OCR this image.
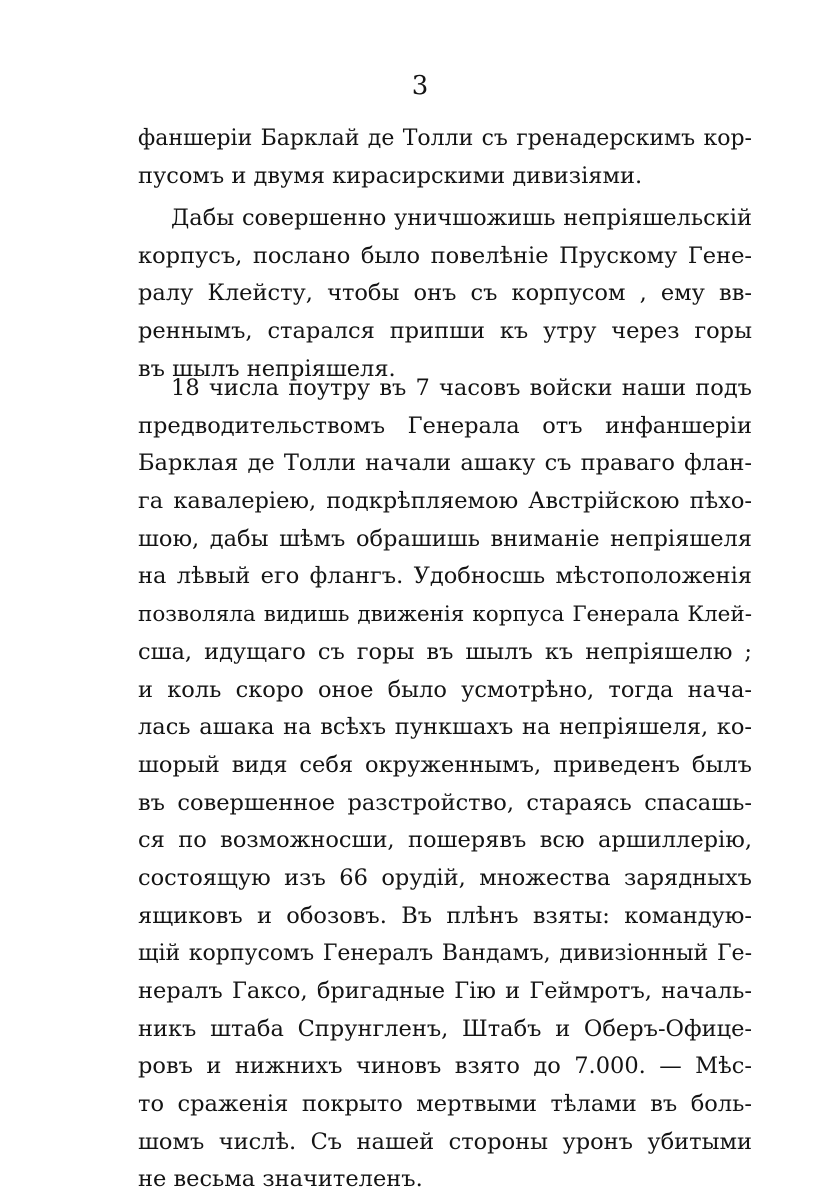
3
фаншеріи Барклай де Толли съ гренадерскимъ кор-
пусомъ и двумя кирасирскими дивизіями.
Дабы совершенно уничшожишь непріяшельскій
корпусъ, послано было повелѣніе Прускому Гене-
ралу Клейсту, чтобы онъ съ корпусом , ему вв-
реннымъ, старался припши къ утру через горы
въ шылъ непріяшеля.
18 числа поутру въ 7 часовъ войски наши подъ
предводительствомъ Генерала отъ инфаншеріи
Барклая де Толли начали ашаку съ праваго флан-
га кавалеріею, подкрѣпляемою Австрійскою пѣхо-
шою, дабы шѣмъ обрашишь вниманіе непріяшеля
на лѣвый его флангъ. Удобносшь мѣстоположенія
позволяла видишь движенія корпуса Генерала Клей-
сша, идущаго съ горы въ шылъ къ непріяшелю ;
и коль скоро оное было усмотрѣно, тогда нача-
лась ашака на всѣхъ пункшахъ на непріяшеля, ко-
шорый видя себя окруженнымъ, приведенъ былъ
въ совершенное разстройство, стараясь спасашь-
ся по возможносши, пошерявъ всю аршиллерію,
состоящую изъ 66 орудій, множества зарядныхъ
ящиковъ и обозовъ. Въ плѣнъ взяты: командую-
щій корпусомъ Генералъ Вандамъ, дивизіонный Ге-
нералъ Гаксо, бригадные Гію и Геймротъ, началь-
никъ штаба Спрунгленъ, Штабъ и Оберъ-Офице-
ровъ и нижнихъ чиновъ взято до 7.000. — Мѣс-
то сраженія покрыто мертвыми тѣлами въ боль-
шомъ числѣ. Съ нашей стороны уронъ убитыми
не весьма значителенъ.
